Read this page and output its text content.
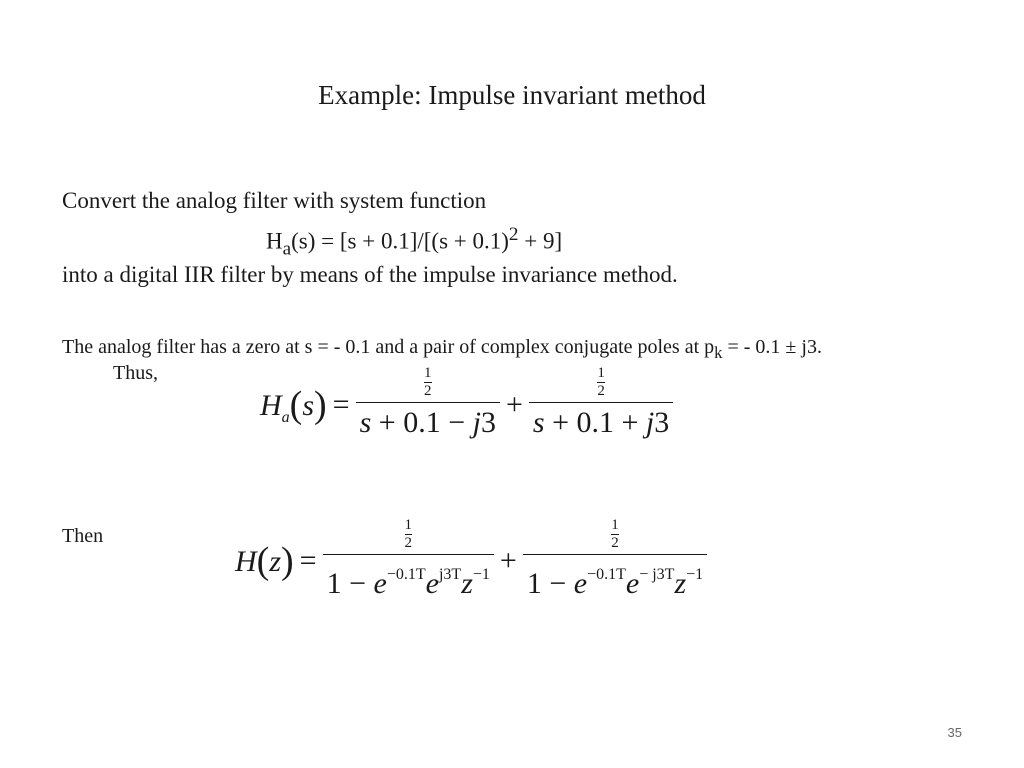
Example: Impulse invariant method
Convert the analog filter with system function
$H_a(s) = [s + 0.1]/[(s + 0.1)^2 + 9]$
into a digital IIR filter by means of the impulse invariance method.
The analog filter has a zero at s = - 0.1 and a pair of complex conjugate poles at $p_k$ = - 0.1 ± j3.
Thus,
$H_a(s) = \frac{\frac{1}{2}}{s + 0.1 - j3} + \frac{\frac{1}{2}}{s + 0.1 + j3}$
Then
$H(z) = \frac{\frac{1}{2}}{1 - e^{-0.1T}e^{j3T}z^{-1}} + \frac{\frac{1}{2}}{1 - e^{-0.1T}e^{- j3T}z^{-1}}$
35
